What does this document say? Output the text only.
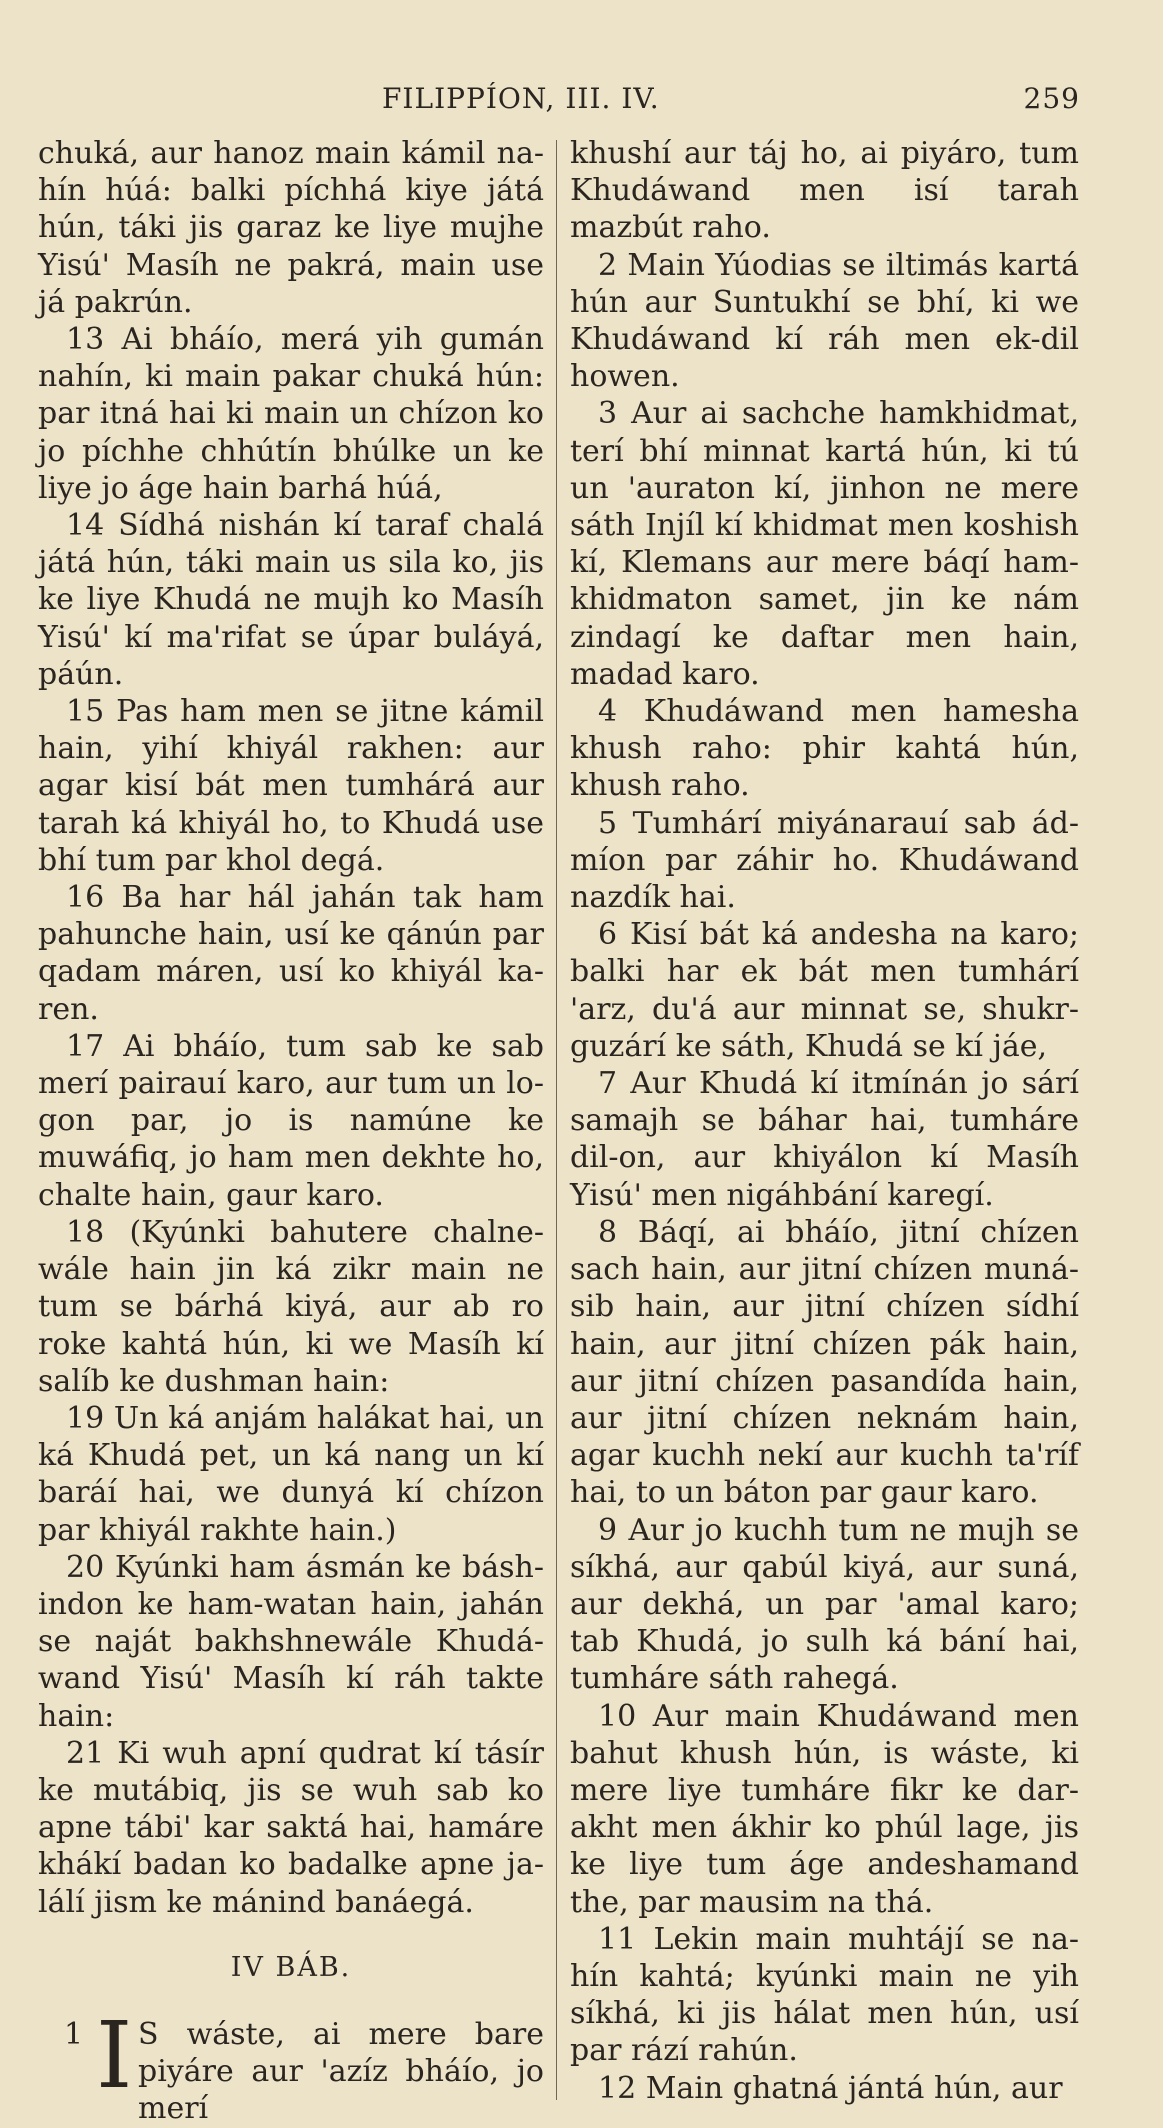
FILIPPÍON, III. IV.	259

chuká, aur hanoz main kámil na-hín húá: balki píchhá kiye játá hún, táki jis garaz ke liye mujhe Yisú' Masíh ne pakrá, main use já pakrún.

13 Ai bháío, merá yih gumán nahín, ki main pakar chuká hún: par itná hai ki main un chízon ko jo píchhe chhútín bhúlke un ke liye jo áge hain barhá húá,

14 Sídhá nishán kí taraf chalá játá hún, táki main us sila ko, jis ke liye Khudá ne mujh ko Masíh Yisú' kí ma'rifat se úpar buláyá, páún.

15 Pas ham men se jitne kámil hain, yihí khiyál rakhen: aur agar kisí bát men tumhárá aur tarah ká khiyál ho, to Khudá use bhí tum par khol degá.

16 Ba har hál jahán tak ham pahunche hain, usí ke qánún par qadam máren, usí ko khiyál ka-ren.

17 Ai bháío, tum sab ke sab merí pairauí karo, aur tum un lo-gon par, jo is namúne ke muwáfiq, jo ham men dekhte ho, chalte hain, gaur karo.

18 (Kyúnki bahutere chalne-wále hain jin ká zikr main ne tum se bárhá kiyá, aur ab ro roke kahtá hún, ki we Masíh kí salíb ke dushman hain:

19 Un ká anjám halákat hai, un ká Khudá pet, un ká nang un kí baráí hai, we dunyá kí chízon par khiyál rakhte hain.)

20 Kyúnki ham ásmán ke básh-indon ke ham-watan hain, jahán se naját bakhshnewále Khudá-wand Yisú' Masíh kí ráh takte hain:

21 Ki wuh apní qudrat kí tásír ke mutábiq, jis se wuh sab ko apne tábi' kar saktá hai, hamáre khákí badan ko badalke apne ja-lálí jism ke mánind banáegá.

IV BÁB.
1 I S wáste, ai mere bare piyáre aur 'azíz bháío, jo merí

khushí aur táj ho, ai piyáro, tum Khudáwand men isí tarah mazbút raho.

2 Main Yúodias se iltimás kartá hún aur Suntukhí se bhí, ki we Khudáwand kí ráh men ek-dil howen.

3 Aur ai sachche hamkhidmat, terí bhí minnat kartá hún, ki tú un 'auraton kí, jinhon ne mere sáth Injíl kí khidmat men koshish kí, Klemans aur mere báqí ham-khidmaton samet, jin ke nám zindagí ke daftar men hain, madad karo.

4 Khudáwand men hamesha khush raho: phir kahtá hún, khush raho.

5 Tumhárí miyánarauí sab ád-míon par záhir ho. Khudáwand nazdík hai.

6 Kisí bát ká andesha na karo; balki har ek bát men tumhárí 'arz, du'á aur minnat se, shukr-guzárí ke sáth, Khudá se kí jáe,

7 Aur Khudá kí itmínán jo sárí samajh se báhar hai, tumháre dil-on, aur khiyálon kí Masíh Yisú' men nigáhbání karegí.

8 Báqí, ai bháío, jitní chízen sach hain, aur jitní chízen muná-sib hain, aur jitní chízen sídhí hain, aur jitní chízen pák hain, aur jitní chízen pasandída hain, aur jitní chízen neknám hain, agar kuchh nekí aur kuchh ta'ríf hai, to un báton par gaur karo.

9 Aur jo kuchh tum ne mujh se síkhá, aur qabúl kiyá, aur suná, aur dekhá, un par 'amal karo; tab Khudá, jo sulh ká bání hai, tumháre sáth rahegá.

10 Aur main Khudáwand men bahut khush hún, is wáste, ki mere liye tumháre fikr ke dar-akht men ákhir ko phúl lage, jis ke liye tum áge andeshamand the, par mausim na thá.

11 Lekin main muhtájí se na-hín kahtá; kyúnki main ne yih síkhá, ki jis hálat men hún, usí par rází rahún.

12 Main ghatná jántá hún, aur
